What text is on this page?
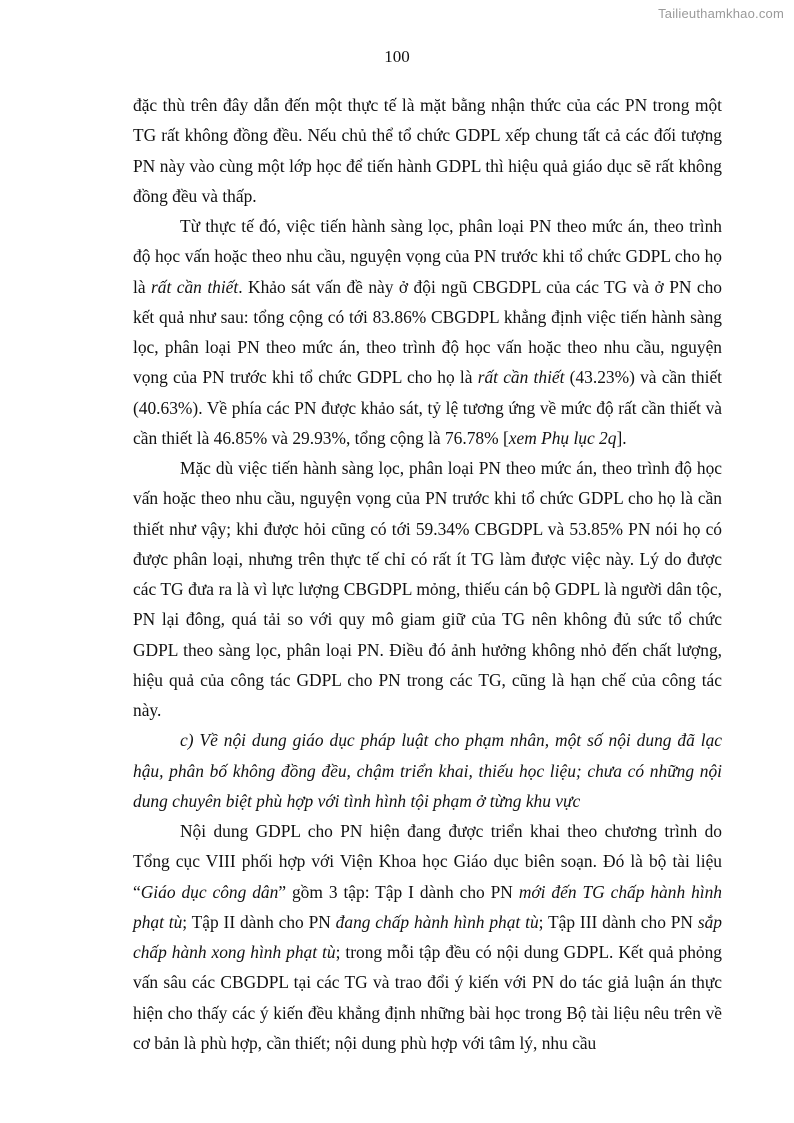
Tailieuthamkhao.com
100

đặc thù trên đây dẫn đến một thực tế là mặt bằng nhận thức của các PN trong một TG rất không đồng đều. Nếu chủ thể tổ chức GDPL xếp chung tất cả các đối tượng PN này vào cùng một lớp học để tiến hành GDPL thì hiệu quả giáo dục sẽ rất không đồng đều và thấp.

Từ thực tế đó, việc tiến hành sàng lọc, phân loại PN theo mức án, theo trình độ học vấn hoặc theo nhu cầu, nguyện vọng của PN trước khi tổ chức GDPL cho họ là rất cần thiết. Khảo sát vấn đề này ở đội ngũ CBGDPL của các TG và ở PN cho kết quả như sau: tổng cộng có tới 83.86% CBGDPL khẳng định việc tiến hành sàng lọc, phân loại PN theo mức án, theo trình độ học vấn hoặc theo nhu cầu, nguyện vọng của PN trước khi tổ chức GDPL cho họ là rất cần thiết (43.23%) và cần thiết (40.63%). Về phía các PN được khảo sát, tỷ lệ tương ứng về mức độ rất cần thiết và cần thiết là 46.85% và 29.93%, tổng cộng là 76.78% [xem Phụ lục 2q].

Mặc dù việc tiến hành sàng lọc, phân loại PN theo mức án, theo trình độ học vấn hoặc theo nhu cầu, nguyện vọng của PN trước khi tổ chức GDPL cho họ là cần thiết như vậy; khi được hỏi cũng có tới 59.34% CBGDPL và 53.85% PN nói họ có được phân loại, nhưng trên thực tế chỉ có rất ít TG làm được việc này. Lý do được các TG đưa ra là vì lực lượng CBGDPL mỏng, thiếu cán bộ GDPL là người dân tộc, PN lại đông, quá tải so với quy mô giam giữ của TG nên không đủ sức tổ chức GDPL theo sàng lọc, phân loại PN. Điều đó ảnh hưởng không nhỏ đến chất lượng, hiệu quả của công tác GDPL cho PN trong các TG, cũng là hạn chế của công tác này.

c) Về nội dung giáo dục pháp luật cho phạm nhân, một số nội dung đã lạc hậu, phân bố không đồng đều, chậm triển khai, thiếu học liệu; chưa có những nội dung chuyên biệt phù hợp với tình hình tội phạm ở từng khu vực

Nội dung GDPL cho PN hiện đang được triển khai theo chương trình do Tổng cục VIII phối hợp với Viện Khoa học Giáo dục biên soạn. Đó là bộ tài liệu “Giáo dục công dân” gồm 3 tập: Tập I dành cho PN mới đến TG chấp hành hình phạt tù; Tập II dành cho PN đang chấp hành hình phạt tù; Tập III dành cho PN sắp chấp hành xong hình phạt tù; trong mỗi tập đều có nội dung GDPL. Kết quả phỏng vấn sâu các CBGDPL tại các TG và trao đổi ý kiến với PN do tác giả luận án thực hiện cho thấy các ý kiến đều khẳng định những bài học trong Bộ tài liệu nêu trên về cơ bản là phù hợp, cần thiết; nội dung phù hợp với tâm lý, nhu cầu
